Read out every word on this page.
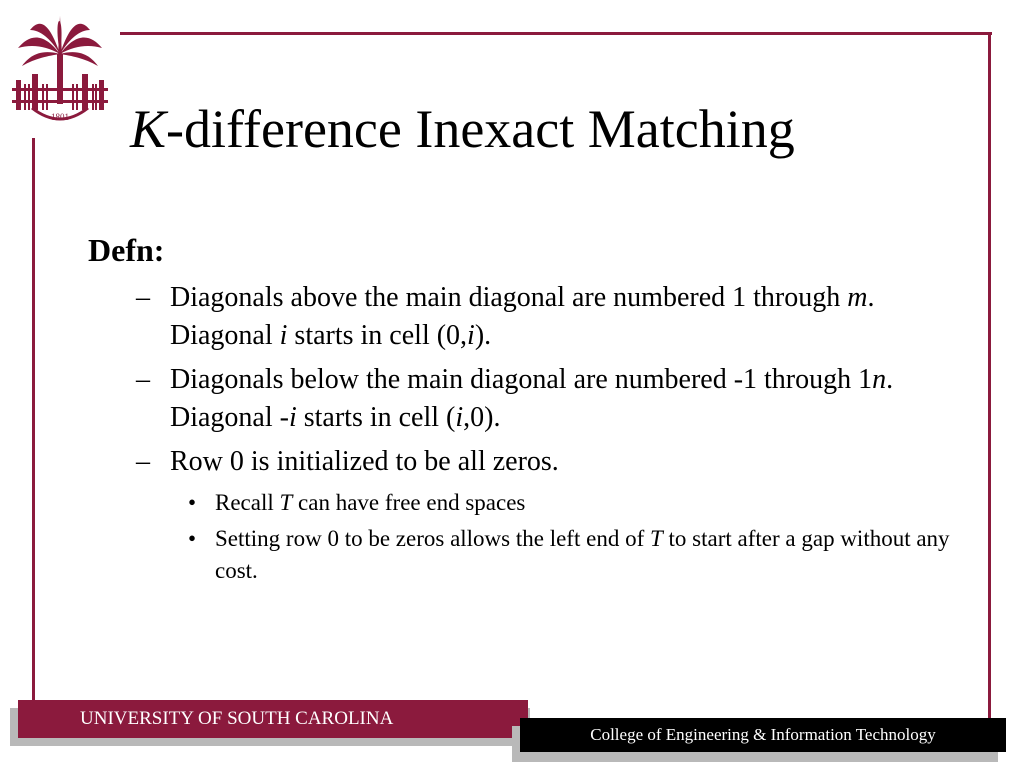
1801 K-difference Inexact Matching
Defn:
– Diagonals above the main diagonal are numbered 1 through m. Diagonal i starts in cell (0,i).
– Diagonals below the main diagonal are numbered -1 through 1n. Diagonal -i starts in cell (i,0).
– Row 0 is initialized to be all zeros.
• Recall T can have free end spaces
• Setting row 0 to be zeros allows the left end of T to start after a gap without any cost.
UNIVERSITY OF SOUTH CAROLINA
College of Engineering & Information Technology
